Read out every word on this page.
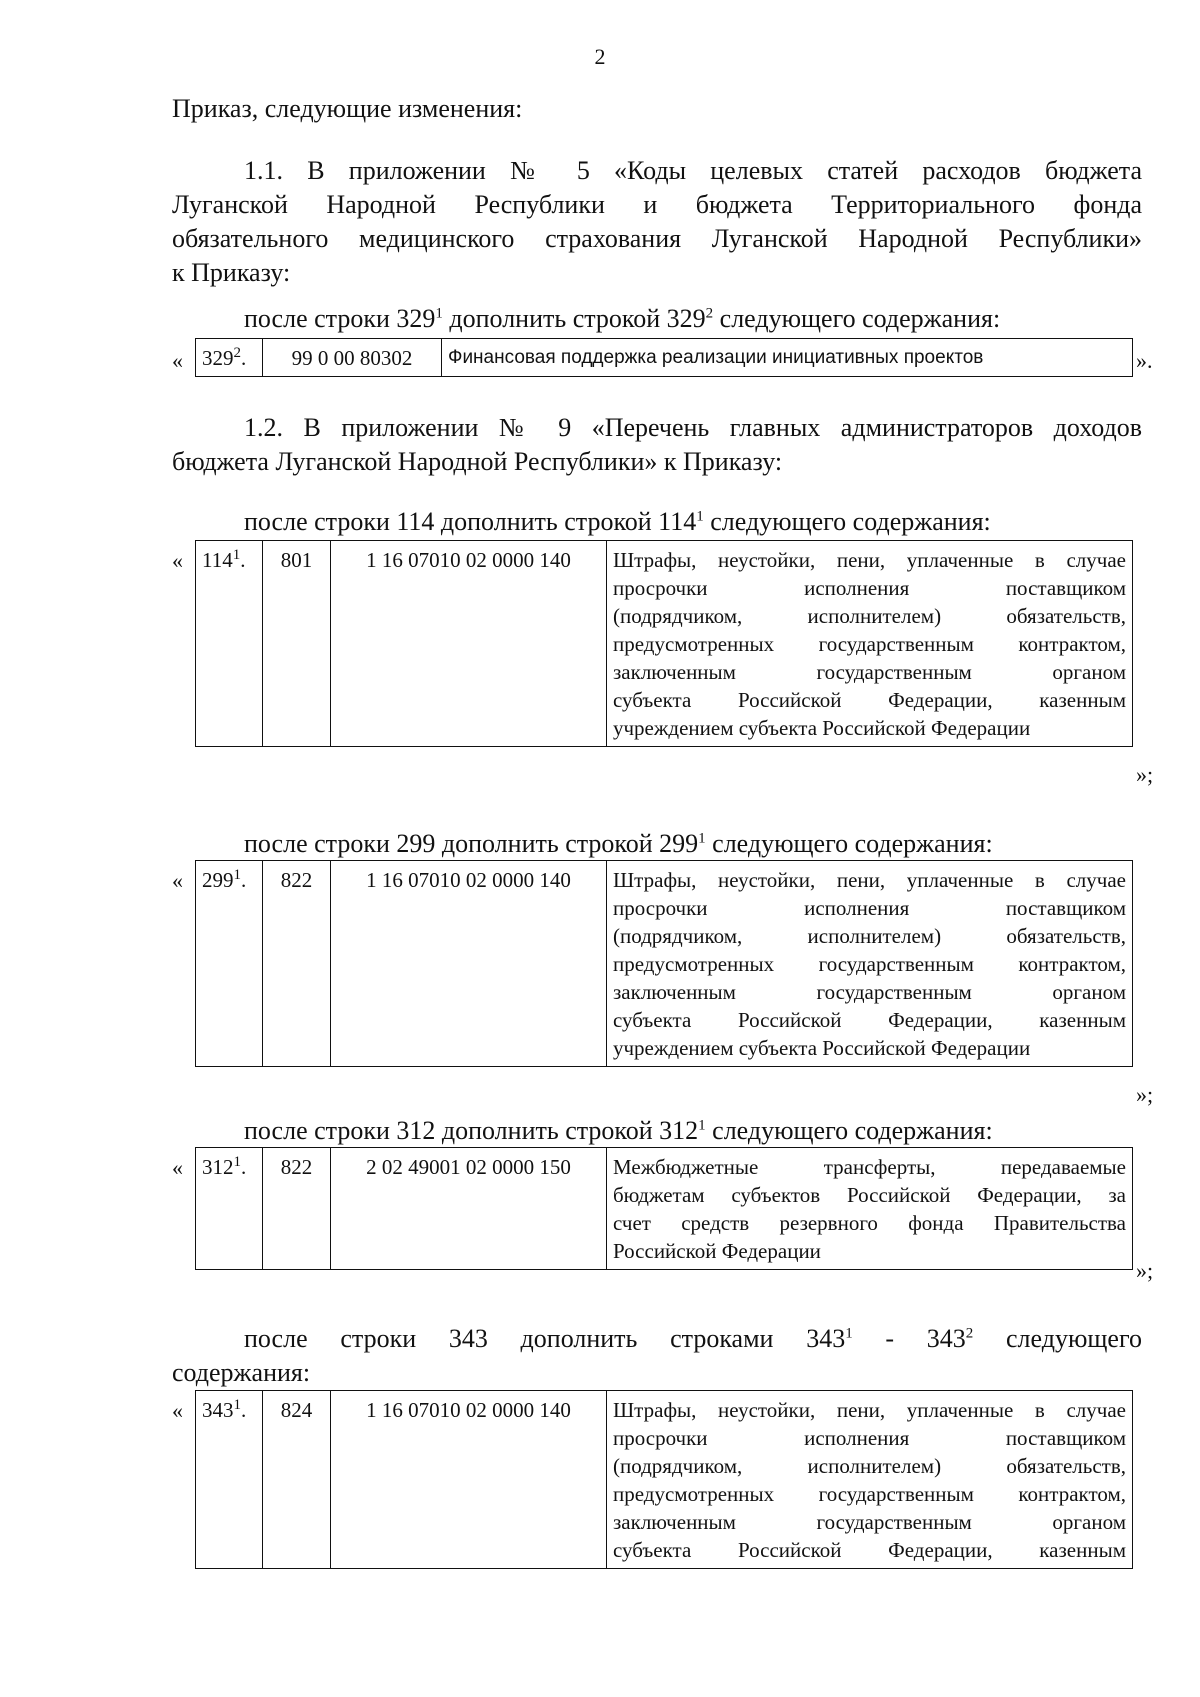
2
Приказ, следующие изменения:
1.1. В приложении № 5 «Коды целевых статей расходов бюджета
Луганской Народной Республики и бюджета Территориального фонда
обязательного медицинского страхования Луганской Народной Республики»
к Приказу:
после строки $329^1$ дополнить строкой $329^2$ следующего содержания:
« $329^2$.	99 0 00 80302	Финансовая поддержка реализации инициативных проектов	».
1.2. В приложении № 9 «Перечень главных администраторов доходов
бюджета Луганской Народной Республики» к Приказу:
после строки 114 дополнить строкой $114^1$ следующего содержания:
« $114^1$.	801	1 16 07010 02 0000 140	Штрафы, неустойки, пени, уплаченные в случае
просрочки исполнения поставщиком
(подрядчиком, исполнителем) обязательств,
предусмотренных государственным контрактом,
заключенным государственным органом
субъекта Российской Федерации, казенным
учреждением субъекта Российской Федерации
»;
после строки 299 дополнить строкой $299^1$ следующего содержания:
« $299^1$.	822	1 16 07010 02 0000 140	Штрафы, неустойки, пени, уплаченные в случае
просрочки исполнения поставщиком
(подрядчиком, исполнителем) обязательств,
предусмотренных государственным контрактом,
заключенным государственным органом
субъекта Российской Федерации, казенным
учреждением субъекта Российской Федерации
»;
после строки 312 дополнить строкой $312^1$ следующего содержания:
« $312^1$.	822	2 02 49001 02 0000 150	Межбюджетные трансферты, передаваемые
бюджетам субъектов Российской Федерации, за
счет средств резервного фонда Правительства
Российской Федерации
»;
после строки 343 дополнить строками $343^1 - 343^2$ следующего
содержания:
« $343^1$.	824	1 16 07010 02 0000 140	Штрафы, неустойки, пени, уплаченные в случае
просрочки исполнения поставщиком
(подрядчиком, исполнителем) обязательств,
предусмотренных государственным контрактом,
заключенным государственным органом
субъекта Российской Федерации, казенным
